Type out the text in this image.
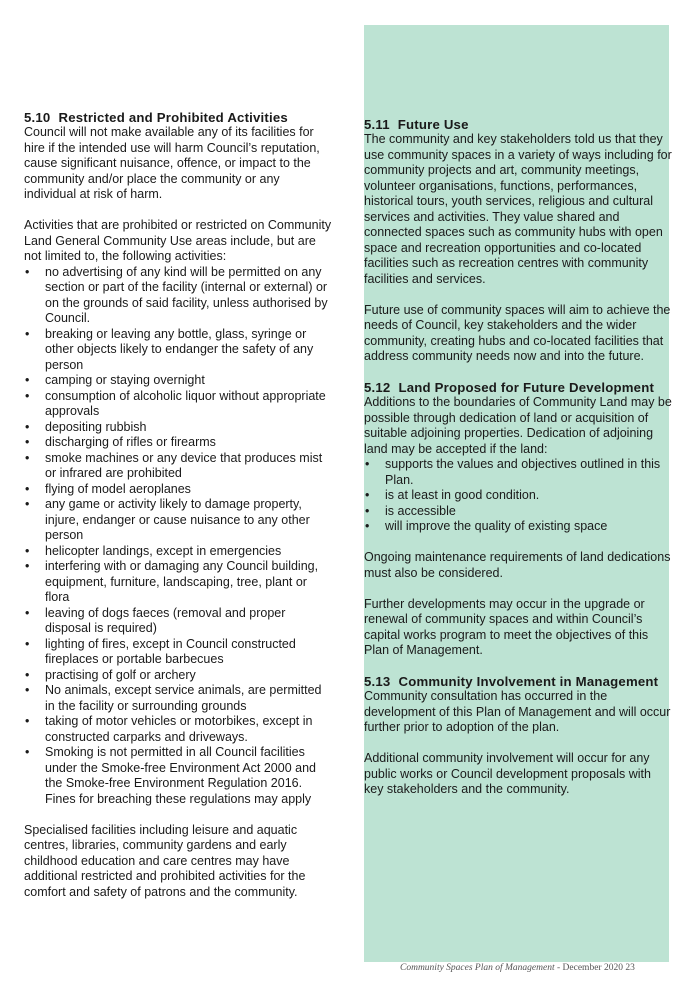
5.10 Restricted and Prohibited Activities

Council will not make available any of its facilities for hire if the intended use will harm Council’s reputation, cause significant nuisance, offence, or impact to the community and/or place the community or any individual at risk of harm.

Activities that are prohibited or restricted on Community Land General Community Use areas include, but are not limited to, the following activities:

• no advertising of any kind will be permitted on any section or part of the facility (internal or external) or on the grounds of said facility, unless authorised by Council.
• breaking or leaving any bottle, glass, syringe or other objects likely to endanger the safety of any person
• camping or staying overnight
• consumption of alcoholic liquor without appropriate approvals
• depositing rubbish
• discharging of rifles or firearms
• smoke machines or any device that produces mist or infrared are prohibited
• flying of model aeroplanes
• any game or activity likely to damage property, injure, endanger or cause nuisance to any other person
• helicopter landings, except in emergencies
• interfering with or damaging any Council building, equipment, furniture, landscaping, tree, plant or flora
• leaving of dogs faeces (removal and proper disposal is required)
• lighting of fires, except in Council constructed fireplaces or portable barbecues
• practising of golf or archery
• No animals, except service animals, are permitted in the facility or surrounding grounds
• taking of motor vehicles or motorbikes, except in constructed carparks and driveways.
• Smoking is not permitted in all Council facilities under the Smoke-free Environment Act 2000 and the Smoke-free Environment Regulation 2016. Fines for breaching these regulations may apply

Specialised facilities including leisure and aquatic centres, libraries, community gardens and early childhood education and care centres may have additional restricted and prohibited activities for the comfort and safety of patrons and the community.

5.11 Future Use

The community and key stakeholders told us that they use community spaces in a variety of ways including for community projects and art, community meetings, volunteer organisations, functions, performances, historical tours, youth services, religious and cultural services and activities. They value shared and connected spaces such as community hubs with open space and recreation opportunities and co-located facilities such as recreation centres with community facilities and services.

Future use of community spaces will aim to achieve the needs of Council, key stakeholders and the wider community, creating hubs and co-located facilities that address community needs now and into the future.

5.12 Land Proposed for Future Development

Additions to the boundaries of Community Land may be possible through dedication of land or acquisition of suitable adjoining properties. Dedication of adjoining land may be accepted if the land:

• supports the values and objectives outlined in this Plan.
• is at least in good condition.
• is accessible
• will improve the quality of existing space

Ongoing maintenance requirements of land dedications must also be considered.

Further developments may occur in the upgrade or renewal of community spaces and within Council’s capital works program to meet the objectives of this Plan of Management.

5.13 Community Involvement in Management

Community consultation has occurred in the development of this Plan of Management and will occur further prior to adoption of the plan.

Additional community involvement will occur for any public works or Council development proposals with key stakeholders and the community.

Community Spaces Plan of Management - December 2020 23
